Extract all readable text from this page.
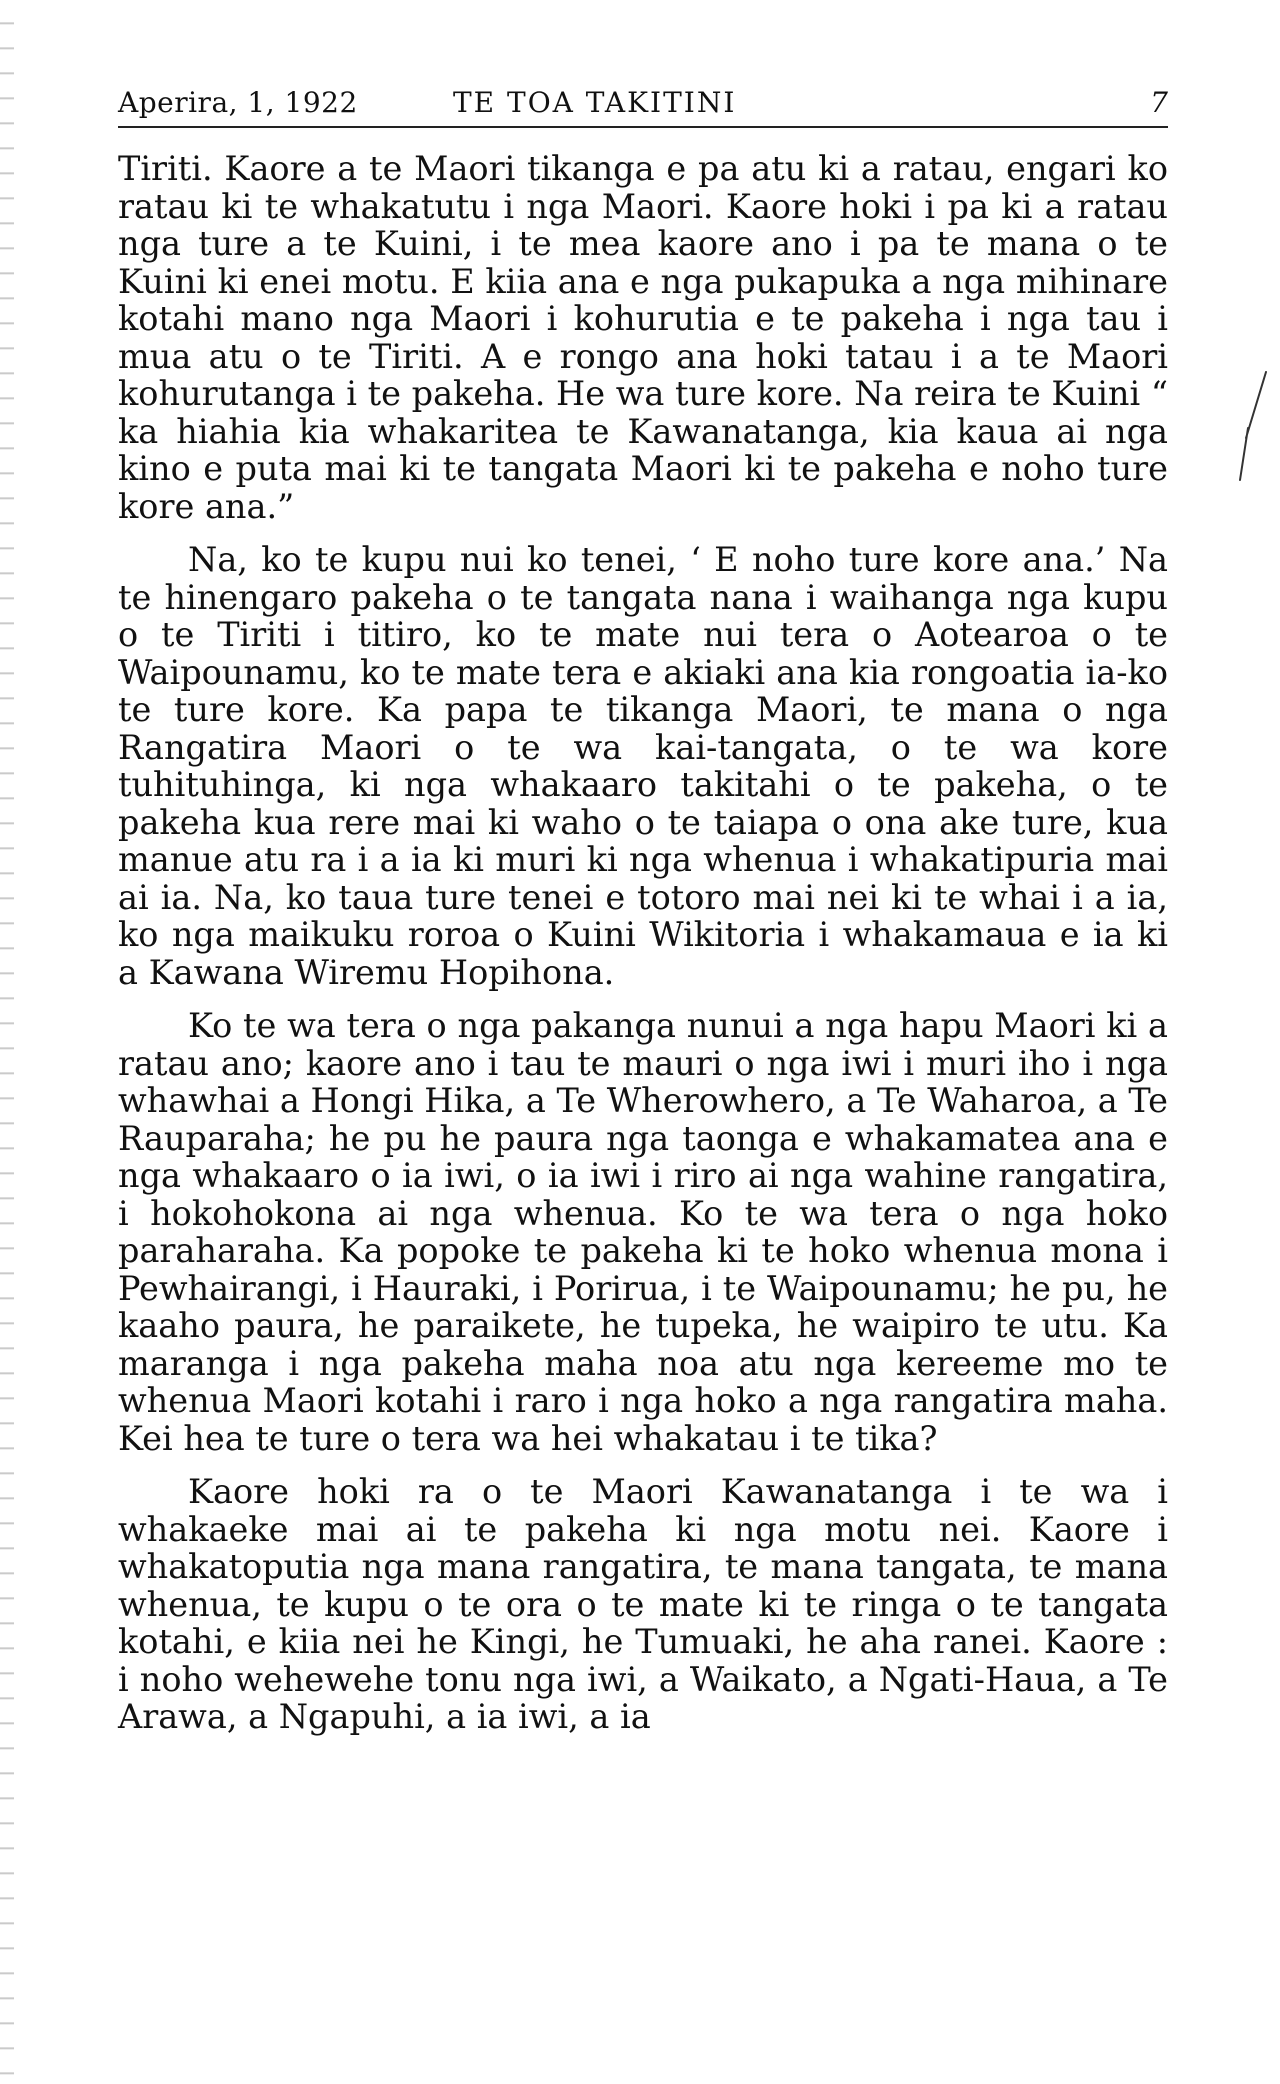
Aperira, 1, 1922	TE TOA TAKITINI	7

Tiriti. Kaore a te Maori tikanga e pa atu ki a ratau, engari ko ratau ki te whakatutu i nga Maori. Kaore hoki i pa ki a ratau nga ture a te Kuini, i te mea kaore ano i pa te mana o te Kuini ki enei motu. E kiia ana e nga pukapuka a nga mihinare kotahi mano nga Maori i kohurutia e te pakeha i nga tau i mua atu o te Tiriti. A e rongo ana hoki tatau i a te Maori kohurutanga i te pakeha. He wa ture kore. Na reira te Kuini “ ka hiahia kia whakaritea te Kawanatanga, kia kaua ai nga kino e puta mai ki te tangata Maori ki te pakeha e noho ture kore ana.”

Na, ko te kupu nui ko tenei, ‘ E noho ture kore ana.’ Na te hinengaro pakeha o te tangata nana i waihanga nga kupu o te Tiriti i titiro, ko te mate nui tera o Aotearoa o te Waipounamu, ko te mate tera e akiaki ana kia rongoatia ia-ko te ture kore. Ka papa te tikanga Maori, te mana o nga Rangatira Maori o te wa kai-tangata, o te wa kore tuhituhinga, ki nga whakaaro takitahi o te pakeha, o te pakeha kua rere mai ki waho o te taiapa o ona ake ture, kua manue atu ra i a ia ki muri ki nga whenua i whakatipuria mai ai ia. Na, ko taua ture tenei e totoro mai nei ki te whai i a ia, ko nga maikuku roroa o Kuini Wikitoria i whakamaua e ia ki a Kawana Wiremu Hopihona.

Ko te wa tera o nga pakanga nunui a nga hapu Maori ki a ratau ano; kaore ano i tau te mauri o nga iwi i muri iho i nga whawhai a Hongi Hika, a Te Wherowhero, a Te Waharoa, a Te Rauparaha; he pu he paura nga taonga e whakamatea ana e nga whakaaro o ia iwi, o ia iwi i riro ai nga wahine rangatira, i hokohokona ai nga whenua. Ko te wa tera o nga hoko paraharaha. Ka popoke te pakeha ki te hoko whenua mona i Pewhairangi, i Hauraki, i Porirua, i te Waipounamu; he pu, he kaaho paura, he paraikete, he tupeka, he waipiro te utu. Ka maranga i nga pakeha maha noa atu nga kereeme mo te whenua Maori kotahi i raro i nga hoko a nga rangatira maha. Kei hea te ture o tera wa hei whakatau i te tika?

Kaore hoki ra o te Maori Kawanatanga i te wa i whakaeke mai ai te pakeha ki nga motu nei. Kaore i whakatoputia nga mana rangatira, te mana tangata, te mana whenua, te kupu o te ora o te mate ki te ringa o te tangata kotahi, e kiia nei he Kingi, he Tumuaki, he aha ranei. Kaore : i noho wehewehe tonu nga iwi, a Waikato, a Ngati-Haua, a Te Arawa, a Ngapuhi, a ia iwi, a ia
